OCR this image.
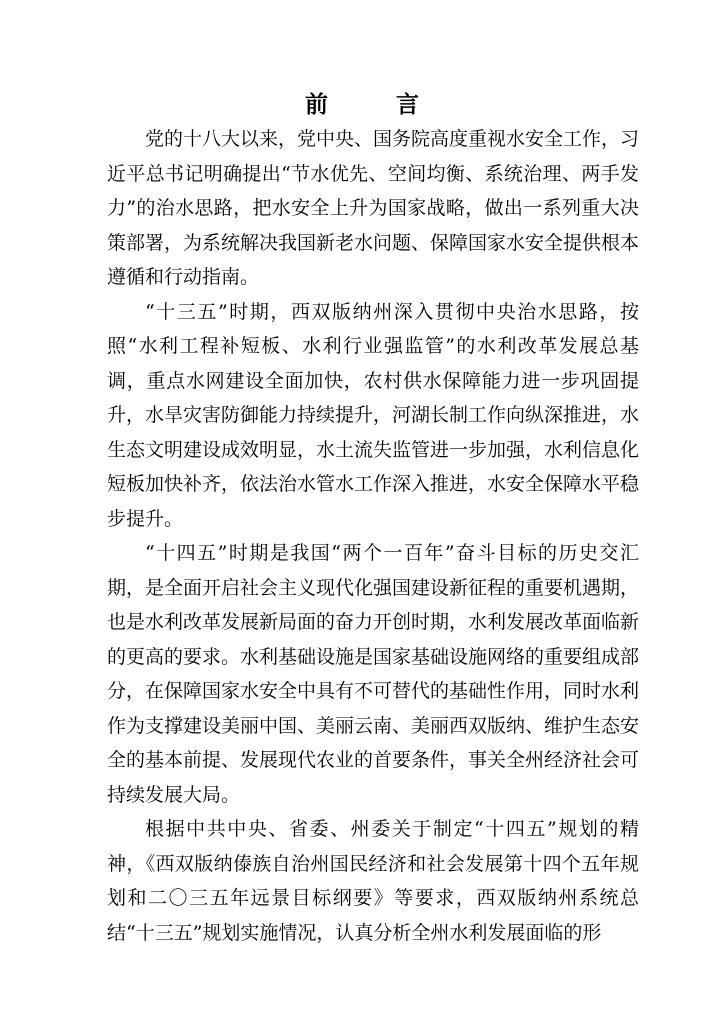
前 言

党的十八大以来，党中央、国务院高度重视水安全工作，习近平总书记明确提出“节水优先、空间均衡、系统治理、两手发力”的治水思路，把水安全上升为国家战略，做出一系列重大决策部署，为系统解决我国新老水问题、保障国家水安全提供根本遵循和行动指南。

“十三五”时期，西双版纳州深入贯彻中央治水思路，按照“水利工程补短板、水利行业强监管”的水利改革发展总基调，重点水网建设全面加快，农村供水保障能力进一步巩固提升，水旱灾害防御能力持续提升，河湖长制工作向纵深推进，水生态文明建设成效明显，水土流失监管进一步加强，水利信息化短板加快补齐，依法治水管水工作深入推进，水安全保障水平稳步提升。

“十四五”时期是我国“两个一百年”奋斗目标的历史交汇期，是全面开启社会主义现代化强国建设新征程的重要机遇期，也是水利改革发展新局面的奋力开创时期，水利发展改革面临新的更高的要求。水利基础设施是国家基础设施网络的重要组成部分，在保障国家水安全中具有不可替代的基础性作用，同时水利作为支撑建设美丽中国、美丽云南、美丽西双版纳、维护生态安全的基本前提、发展现代农业的首要条件，事关全州经济社会可持续发展大局。

根据中共中央、省委、州委关于制定“十四五”规划的精神，《西双版纳傣族自治州国民经济和社会发展第十四个五年规划和二〇三五年远景目标纲要》等要求，西双版纳州系统总结“十三五”规划实施情况，认真分析全州水利发展面临的形
